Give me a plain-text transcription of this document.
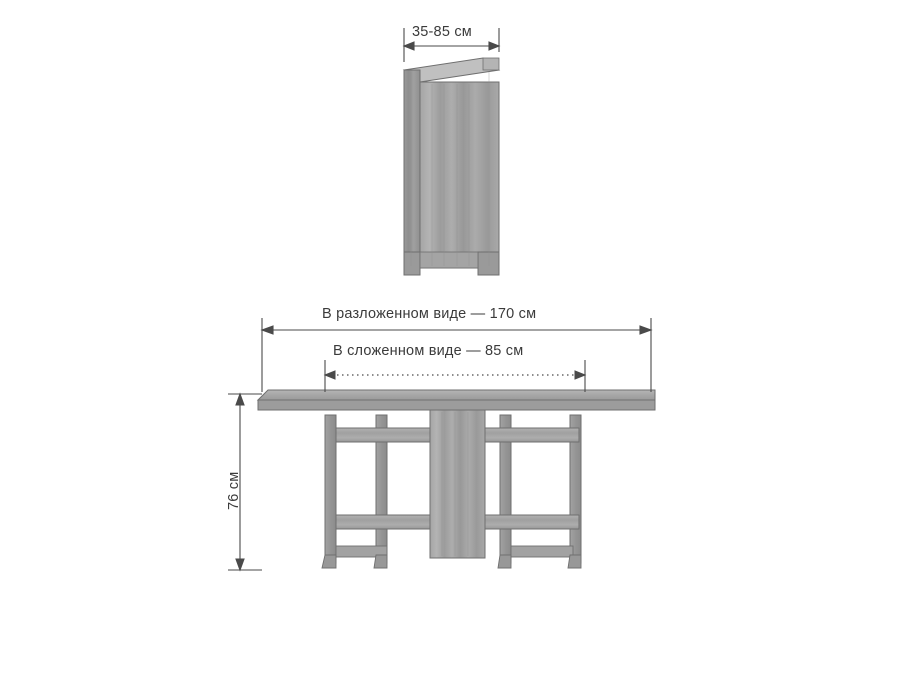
35-85 см
В разложенном виде — 170 см
В сложенном виде — 85 см
76 см
